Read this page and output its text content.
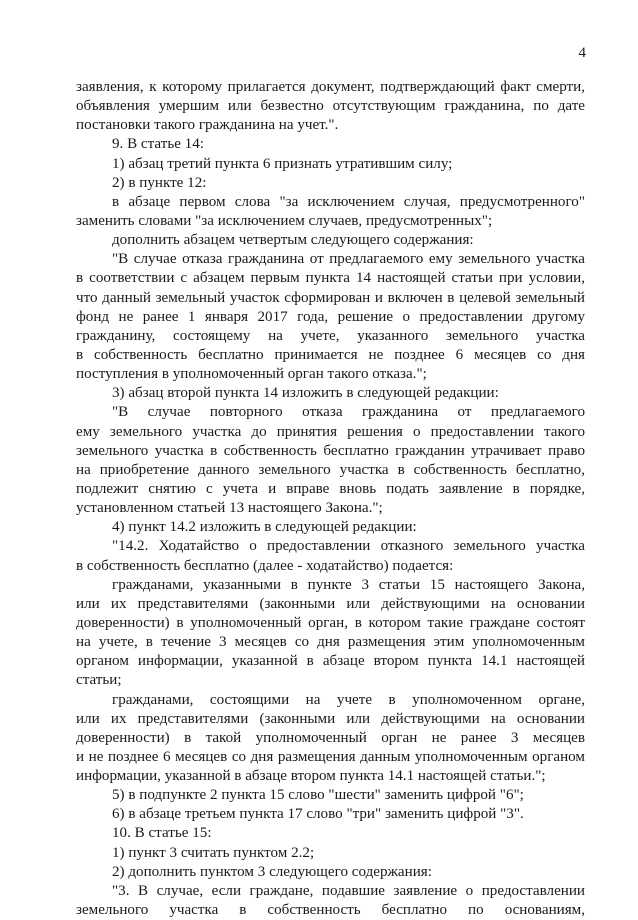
4
заявления, к которому прилагается документ, подтверждающий факт смерти,
объявления умершим или безвестно отсутствующим гражданина, по дате
постановки такого гражданина на учет.".
9. В статье 14:
1) абзац третий пункта 6 признать утратившим силу;
2) в пункте 12:
в абзаце первом слова "за исключением случая, предусмотренного"
заменить словами "за исключением случаев, предусмотренных";
дополнить абзацем четвертым следующего содержания:
"В случае отказа гражданина от предлагаемого ему земельного участка
в соответствии с абзацем первым пункта 14 настоящей статьи при условии,
что данный земельный участок сформирован и включен в целевой земельный
фонд не ранее 1 января 2017 года, решение о предоставлении другому
гражданину, состоящему на учете, указанного земельного участка
в собственность бесплатно принимается не позднее 6 месяцев со дня
поступления в уполномоченный орган такого отказа.";
3) абзац второй пункта 14 изложить в следующей редакции:
"В случае повторного отказа гражданина от предлагаемого
ему земельного участка до принятия решения о предоставлении такого
земельного участка в собственность бесплатно гражданин утрачивает право
на приобретение данного земельного участка в собственность бесплатно,
подлежит снятию с учета и вправе вновь подать заявление в порядке,
установленном статьей 13 настоящего Закона.";
4) пункт 14.2 изложить в следующей редакции:
"14.2. Ходатайство о предоставлении отказного земельного участка
в собственность бесплатно (далее - ходатайство) подается:
гражданами, указанными в пункте 3 статьи 15 настоящего Закона,
или их представителями (законными или действующими на основании
доверенности) в уполномоченный орган, в котором такие граждане состоят
на учете, в течение 3 месяцев со дня размещения этим уполномоченным
органом информации, указанной в абзаце втором пункта 14.1 настоящей
статьи;
гражданами, состоящими на учете в уполномоченном органе,
или их представителями (законными или действующими на основании
доверенности) в такой уполномоченный орган не ранее 3 месяцев
и не позднее 6 месяцев со дня размещения данным уполномоченным органом
информации, указанной в абзаце втором пункта 14.1 настоящей статьи.";
5) в подпункте 2 пункта 15 слово "шести" заменить цифрой "6";
6) в абзаце третьем пункта 17 слово "три" заменить цифрой "3".
10. В статье 15:
1) пункт 3 считать пунктом 2.2;
2) дополнить пунктом 3 следующего содержания:
"3. В случае, если граждане, подавшие заявление о предоставлении
земельного участка в собственность бесплатно по основаниям,
